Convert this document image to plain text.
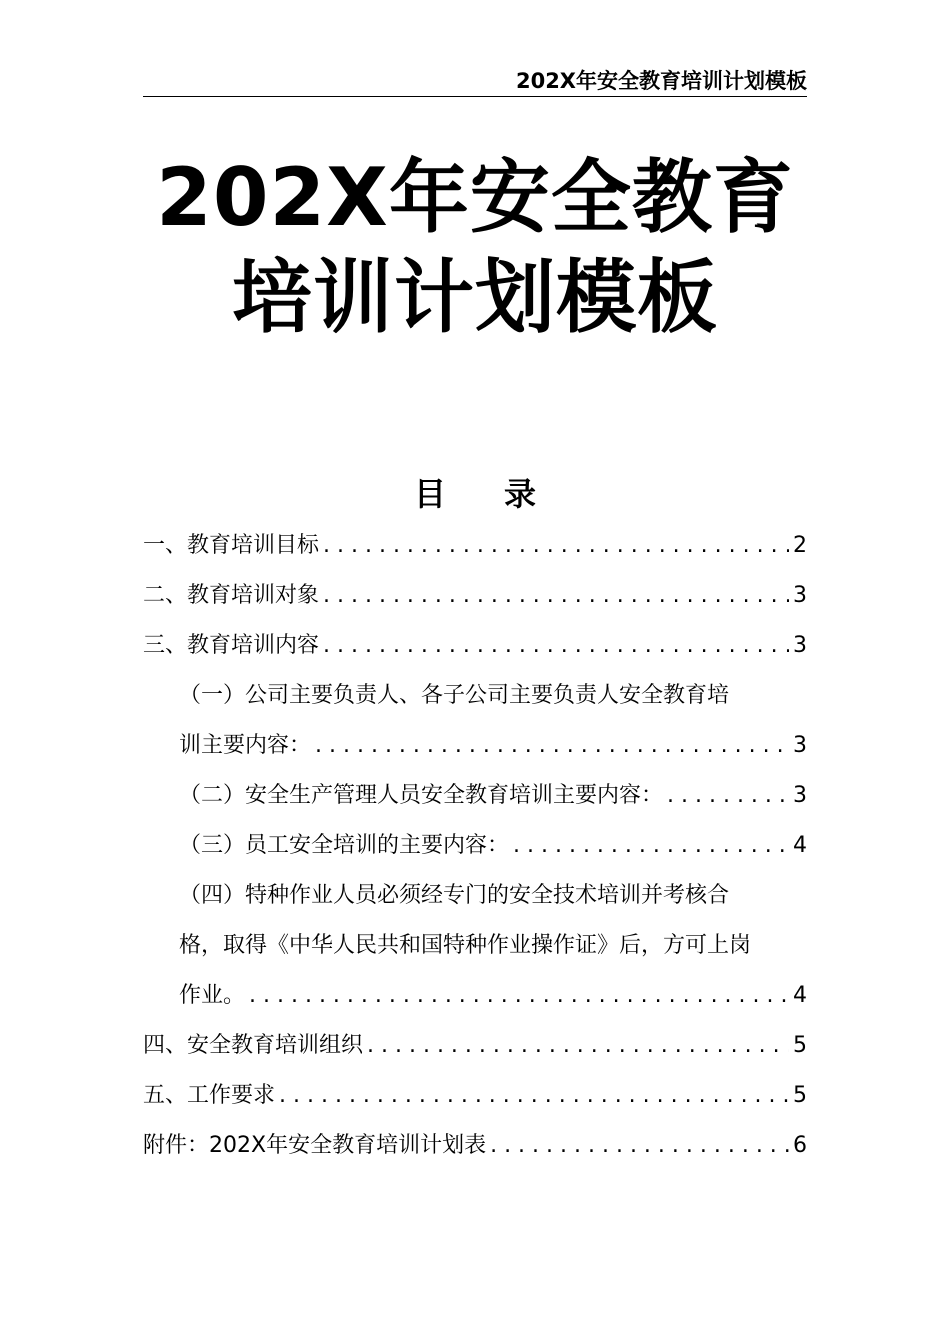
202X年安全教育培训计划模板
202X年安全教育
培训计划模板
目 录
一、教育培训目标 . . .	2
二、教育培训对象 . . .	3
三、教育培训内容 . . .	3
（一）公司主要负责人、各子公司主要负责人安全教育培
训主要内容： . . .	3
（二）安全生产管理人员安全教育培训主要内容： . . .	3
（三）员工安全培训的主要内容： . . .	4
（四）特种作业人员必须经专门的安全技术培训并考核合
格，取得《中华人民共和国特种作业操作证》后，方可上岗
作业。 . . .	4
四、安全教育培训组织 . . .	5
五、工作要求 . . .	5
附件：202X年安全教育培训计划表 . . .	6
